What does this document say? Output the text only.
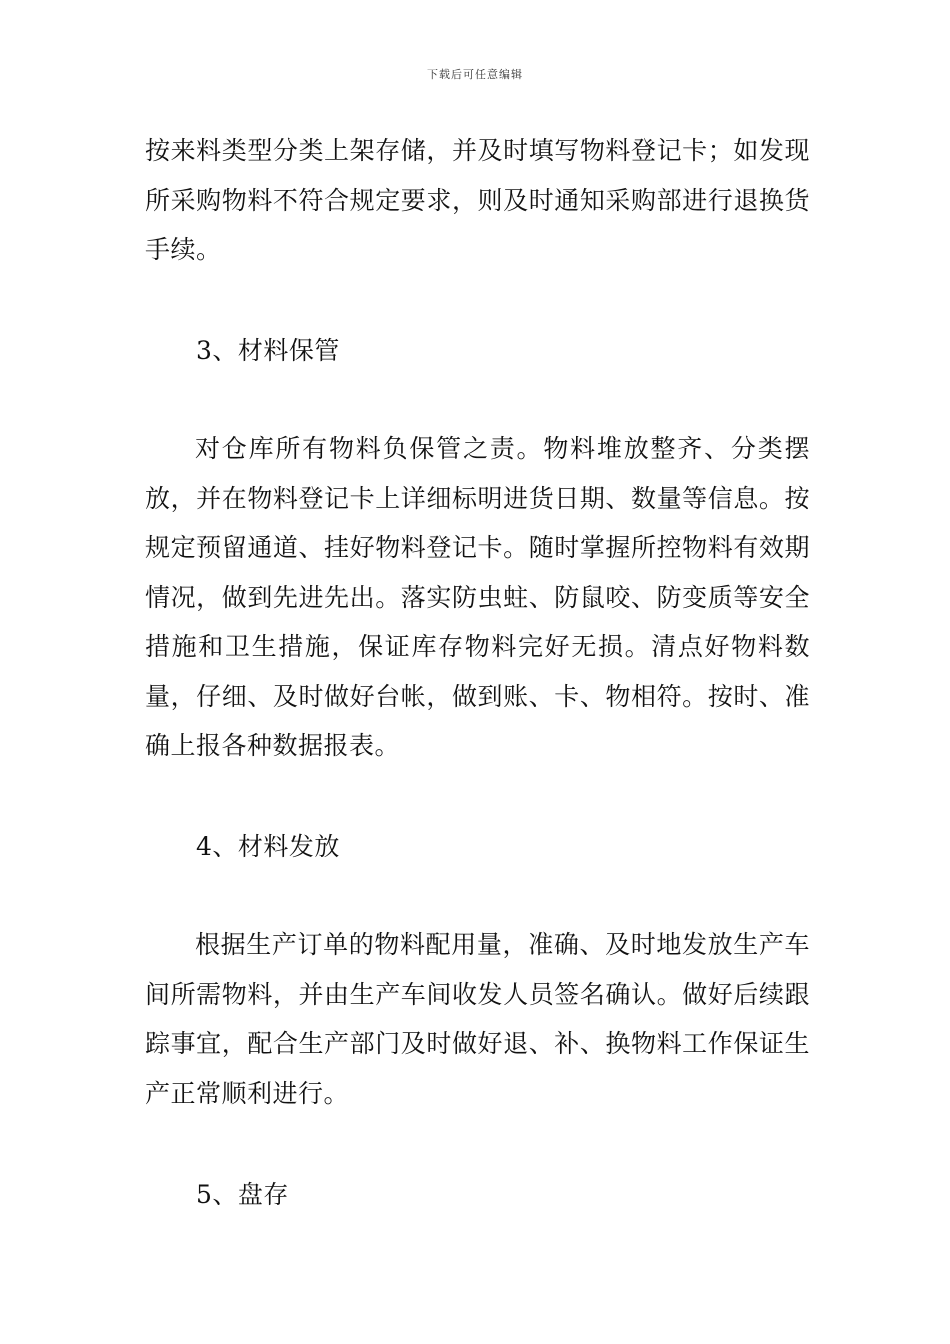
下载后可任意编辑

按来料类型分类上架存储，并及时填写物料登记卡；如发现所采购物料不符合规定要求，则及时通知采购部进行退换货手续。

3、材料保管

对仓库所有物料负保管之责。物料堆放整齐、分类摆放，并在物料登记卡上详细标明进货日期、数量等信息。按规定预留通道、挂好物料登记卡。随时掌握所控物料有效期情况，做到先进先出。落实防虫蛀、防鼠咬、防变质等安全措施和卫生措施，保证库存物料完好无损。清点好物料数量，仔细、及时做好台帐，做到账、卡、物相符。按时、准确上报各种数据报表。

4、材料发放

根据生产订单的物料配用量，准确、及时地发放生产车间所需物料，并由生产车间收发人员签名确认。做好后续跟踪事宜，配合生产部门及时做好退、补、换物料工作保证生产正常顺利进行。

5、盘存
